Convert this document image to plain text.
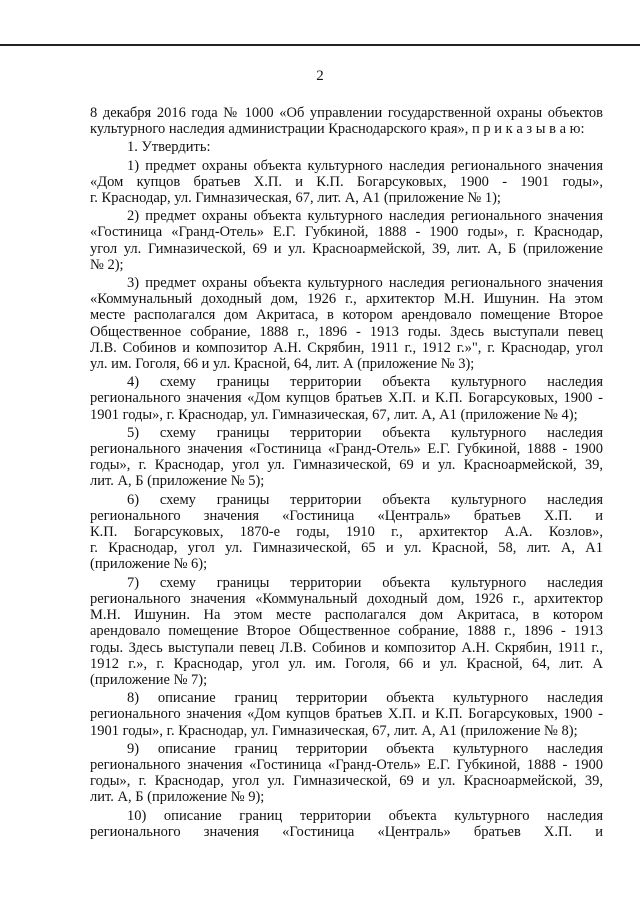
2
8 декабря 2016 года № 1000 «Об управлении государственной охраны объектов
культурного наследия администрации Краснодарского края», п р и к а з ы в а ю:
1. Утвердить:
1) предмет охраны объекта культурного наследия регионального значения
«Дом купцов братьев Х.П. и К.П. Богарсуковых, 1900 - 1901 годы»,
г. Краснодар, ул. Гимназическая, 67, лит. А, А1 (приложение № 1);
2) предмет охраны объекта культурного наследия регионального значения
«Гостиница «Гранд-Отель» Е.Г. Губкиной, 1888 - 1900 годы», г. Краснодар,
угол ул. Гимназической, 69 и ул. Красноармейской, 39, лит. А, Б (приложение
№ 2);
3) предмет охраны объекта культурного наследия регионального значения
«Коммунальный доходный дом, 1926 г., архитектор М.Н. Ишунин. На этом
месте располагался дом Акритаса, в котором арендовало помещение Второе
Общественное собрание, 1888 г., 1896 - 1913 годы. Здесь выступали певец
Л.В. Собинов и композитор А.Н. Скрябин, 1911 г., 1912 г.»", г. Краснодар, угол
ул. им. Гоголя, 66 и ул. Красной, 64, лит. А (приложение № 3);
4) схему границы территории объекта культурного наследия
регионального значения «Дом купцов братьев Х.П. и К.П. Богарсуковых, 1900 -
1901 годы», г. Краснодар, ул. Гимназическая, 67, лит. А, А1 (приложение № 4);
5) схему границы территории объекта культурного наследия
регионального значения «Гостиница «Гранд-Отель» Е.Г. Губкиной, 1888 - 1900
годы», г. Краснодар, угол ул. Гимназической, 69 и ул. Красноармейской, 39,
лит. А, Б (приложение № 5);
6) схему границы территории объекта культурного наследия
регионального значения «Гостиница «Централь» братьев Х.П. и
К.П. Богарсуковых, 1870-е годы, 1910 г., архитектор А.А. Козлов»,
г. Краснодар, угол ул. Гимназической, 65 и ул. Красной, 58, лит. А, А1
(приложение № 6);
7) схему границы территории объекта культурного наследия
регионального значения «Коммунальный доходный дом, 1926 г., архитектор
М.Н. Ишунин. На этом месте располагался дом Акритаса, в котором
арендовало помещение Второе Общественное собрание, 1888 г., 1896 - 1913
годы. Здесь выступали певец Л.В. Собинов и композитор А.Н. Скрябин, 1911 г.,
1912 г.», г. Краснодар, угол ул. им. Гоголя, 66 и ул. Красной, 64, лит. А
(приложение № 7);
8) описание границ территории объекта культурного наследия
регионального значения «Дом купцов братьев Х.П. и К.П. Богарсуковых, 1900 -
1901 годы», г. Краснодар, ул. Гимназическая, 67, лит. А, А1 (приложение № 8);
9) описание границ территории объекта культурного наследия
регионального значения «Гостиница «Гранд-Отель» Е.Г. Губкиной, 1888 - 1900
годы», г. Краснодар, угол ул. Гимназической, 69 и ул. Красноармейской, 39,
лит. А, Б (приложение № 9);
10) описание границ территории объекта культурного наследия
регионального значения «Гостиница «Централь» братьев Х.П. и
